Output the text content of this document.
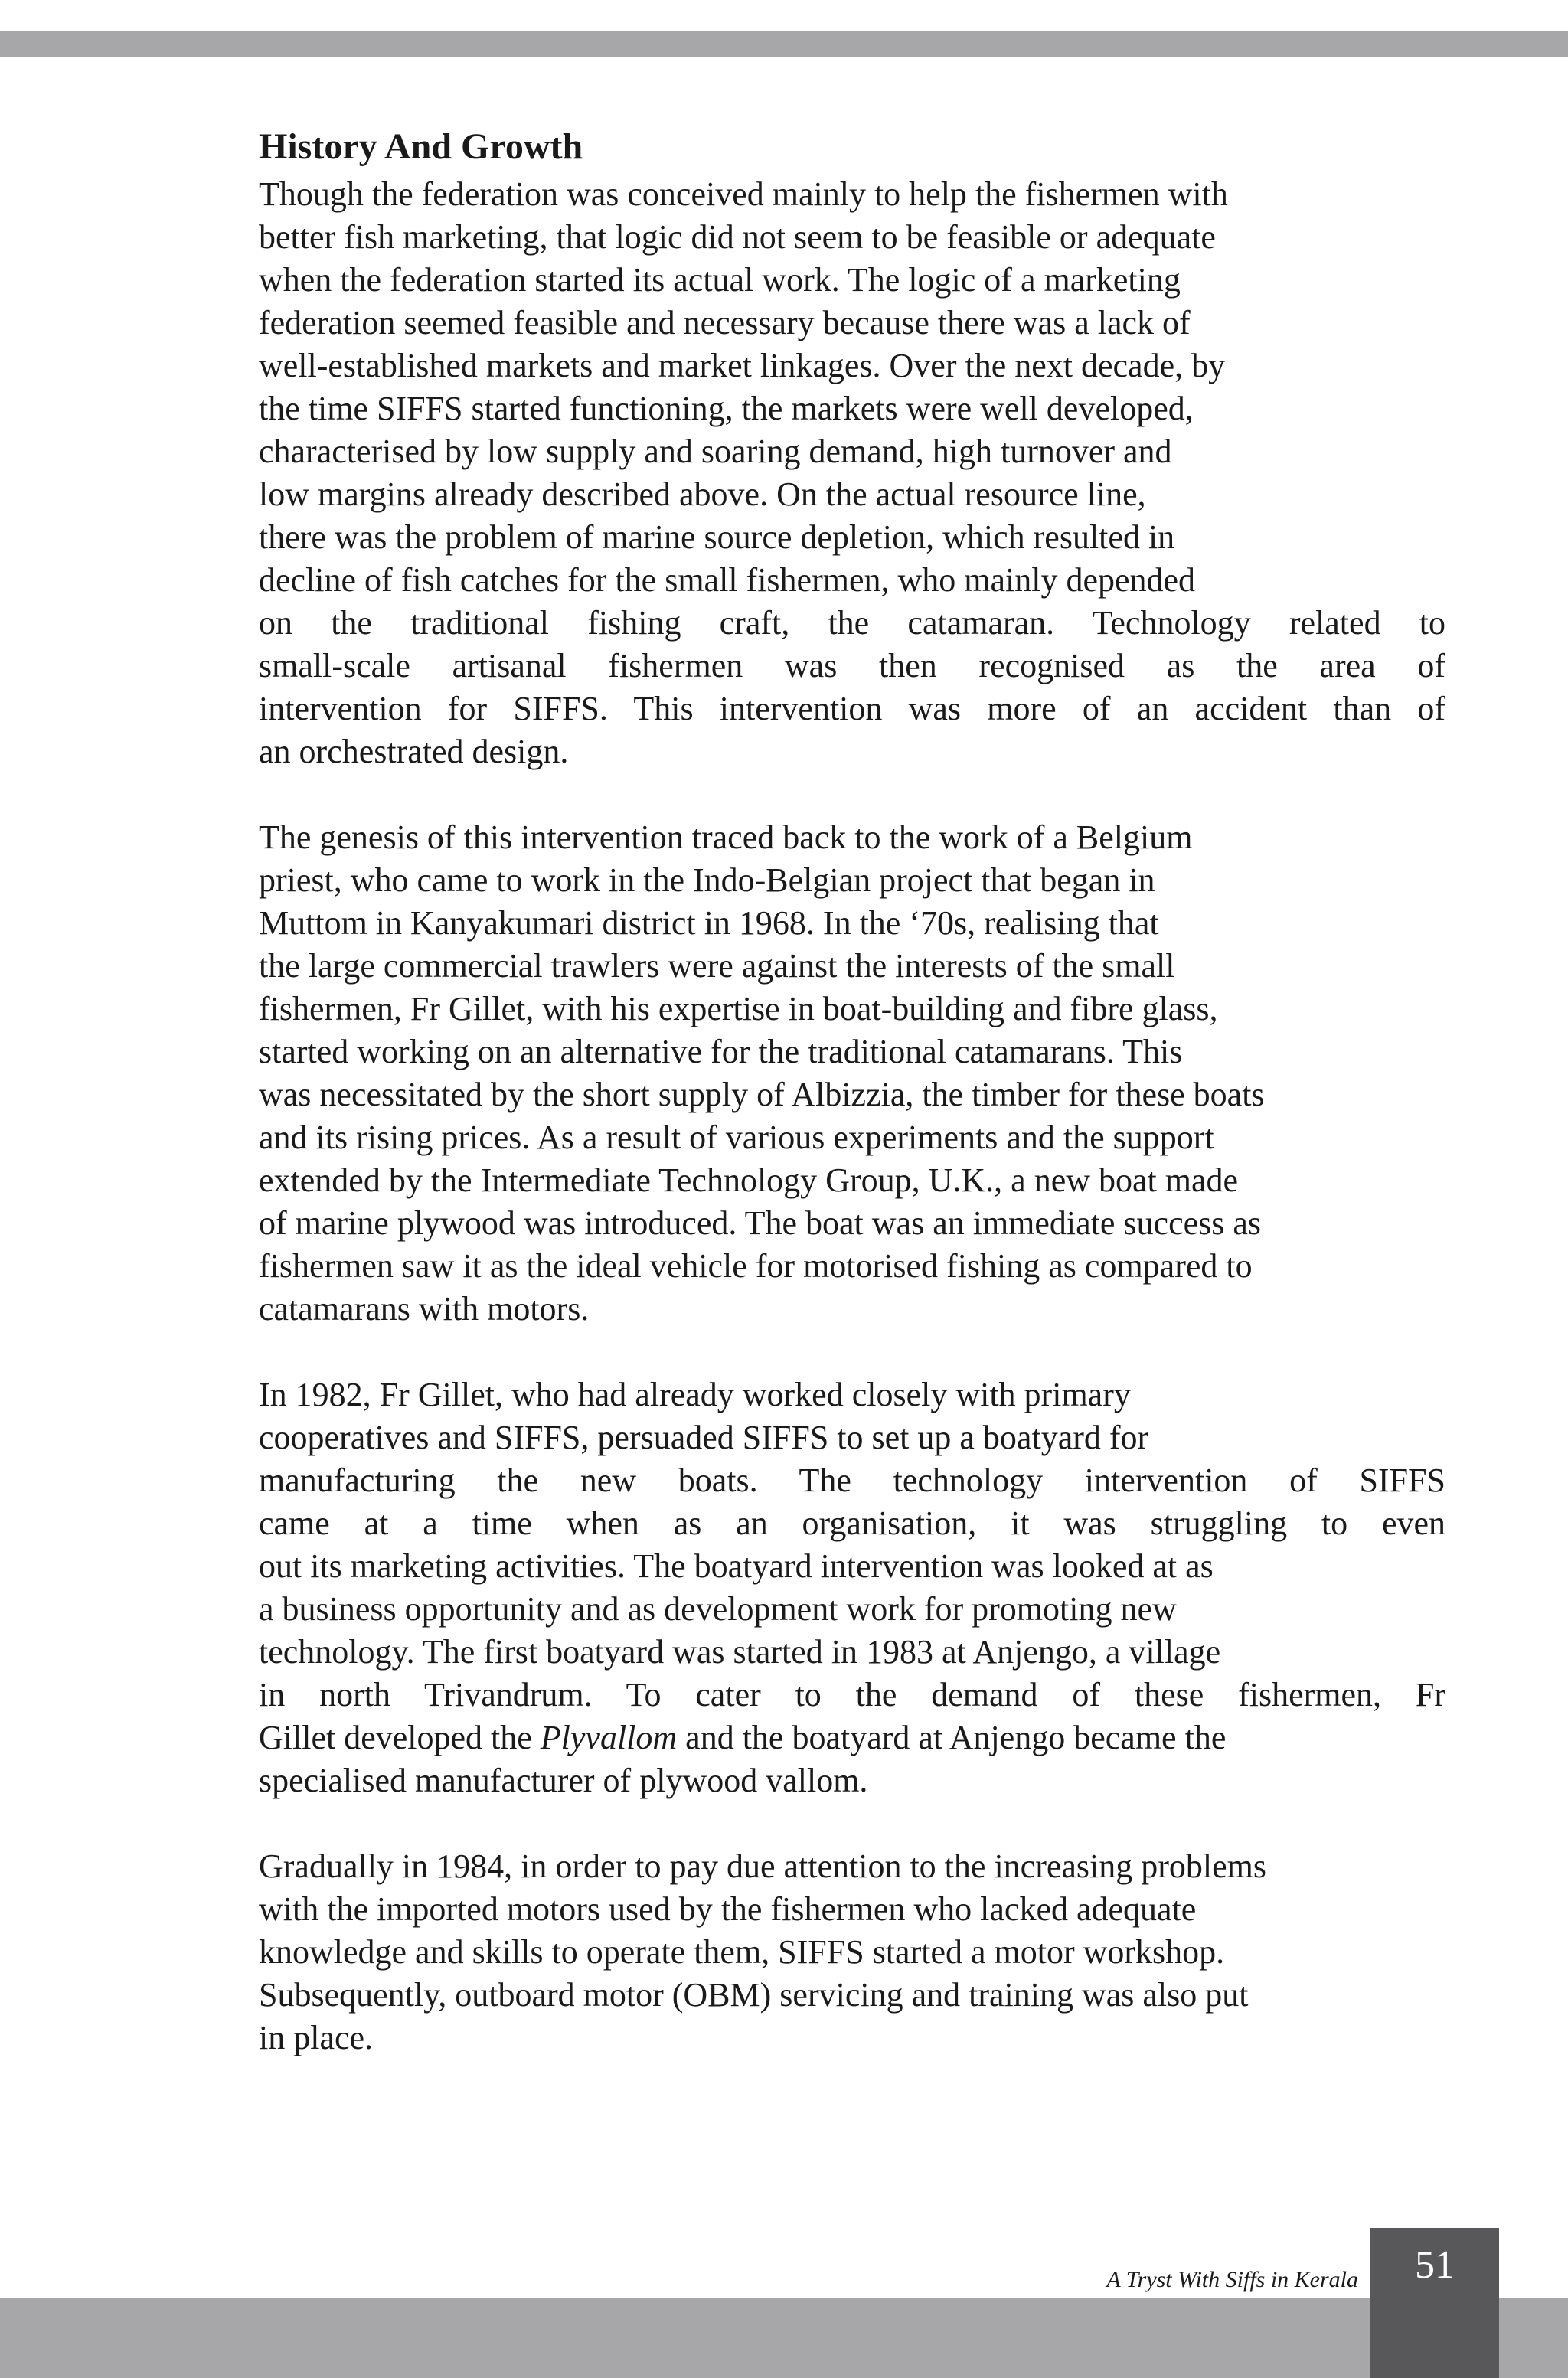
History And Growth

Though the federation was conceived mainly to help the fishermen with
better fish marketing, that logic did not seem to be feasible or adequate
when the federation started its actual work. The logic of a marketing
federation seemed feasible and necessary because there was a lack of
well-established markets and market linkages. Over the next decade, by
the time SIFFS started functioning, the markets were well developed,
characterised by low supply and soaring demand, high turnover and
low margins already described above. On the actual resource line,
there was the problem of marine source depletion, which resulted in
decline of fish catches for the small fishermen, who mainly depended
on the traditional fishing craft, the catamaran. Technology related to
small-scale artisanal fishermen was then recognised as the area of
intervention for SIFFS. This intervention was more of an accident than of
an orchestrated design.

The genesis of this intervention traced back to the work of a Belgium
priest, who came to work in the Indo-Belgian project that began in
Muttom in Kanyakumari district in 1968. In the ‘70s, realising that
the large commercial trawlers were against the interests of the small
fishermen, Fr Gillet, with his expertise in boat-building and fibre glass,
started working on an alternative for the traditional catamarans. This
was necessitated by the short supply of Albizzia, the timber for these boats
and its rising prices. As a result of various experiments and the support
extended by the Intermediate Technology Group, U.K., a new boat made
of marine plywood was introduced. The boat was an immediate success as
fishermen saw it as the ideal vehicle for motorised fishing as compared to
catamarans with motors.

In 1982, Fr Gillet, who had already worked closely with primary
cooperatives and SIFFS, persuaded SIFFS to set up a boatyard for
manufacturing the new boats. The technology intervention of SIFFS
came at a time when as an organisation, it was struggling to even
out its marketing activities. The boatyard intervention was looked at as
a business opportunity and as development work for promoting new
technology. The first boatyard was started in 1983 at Anjengo, a village
in north Trivandrum. To cater to the demand of these fishermen, Fr
Gillet developed the Plyvallom and the boatyard at Anjengo became the
specialised manufacturer of plywood vallom.

Gradually in 1984, in order to pay due attention to the increasing problems
with the imported motors used by the fishermen who lacked adequate
knowledge and skills to operate them, SIFFS started a motor workshop.
Subsequently, outboard motor (OBM) servicing and training was also put
in place.

51
A Tryst With Siffs in Kerala
